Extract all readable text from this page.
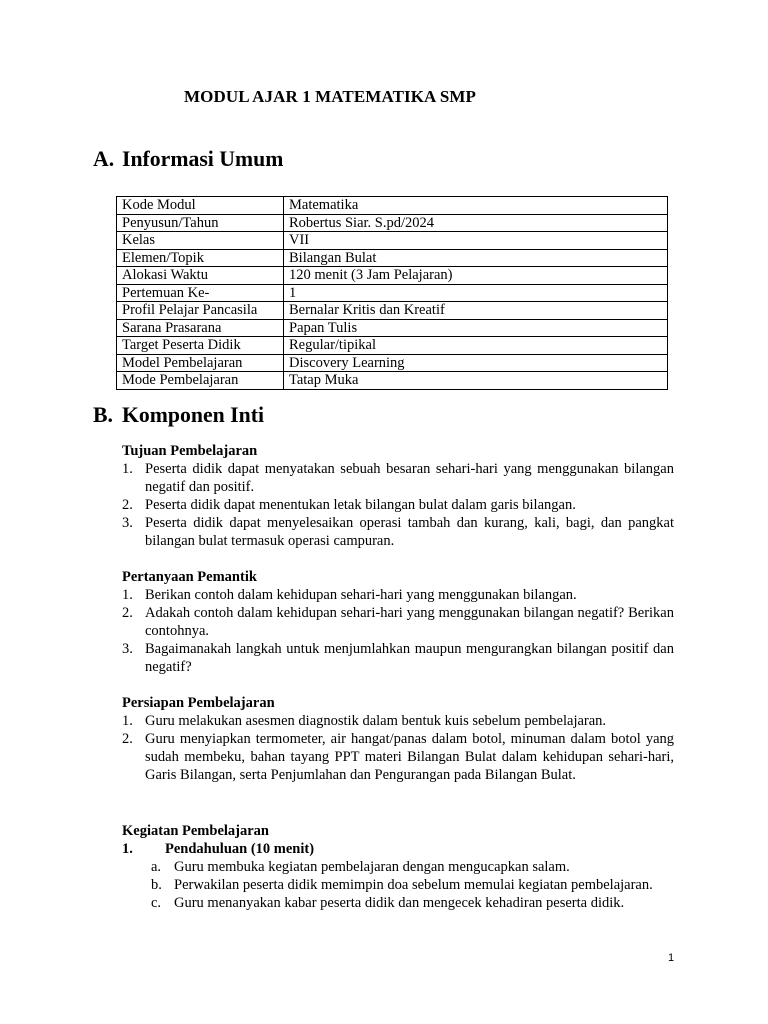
MODUL AJAR 1 MATEMATIKA SMP
A. Informasi Umum
Kode Modul	Matematika
Penyusun/Tahun	Robertus Siar. S.pd/2024
Kelas	VII
Elemen/Topik	Bilangan Bulat
Alokasi Waktu	120 menit (3 Jam Pelajaran)
Pertemuan Ke-	1
Profil Pelajar Pancasila	Bernalar Kritis dan Kreatif
Sarana Prasarana	Papan Tulis
Target Peserta Didik	Regular/tipikal
Model Pembelajaran	Discovery Learning
Mode Pembelajaran	Tatap Muka
B. Komponen Inti
Tujuan Pembelajaran
1. Peserta didik dapat menyatakan sebuah besaran sehari-hari yang menggunakan bilangan negatif dan positif.
2. Peserta didik dapat menentukan letak bilangan bulat dalam garis bilangan.
3. Peserta didik dapat menyelesaikan operasi tambah dan kurang, kali, bagi, dan pangkat bilangan bulat termasuk operasi campuran.
Pertanyaan Pemantik
1. Berikan contoh dalam kehidupan sehari-hari yang menggunakan bilangan.
2. Adakah contoh dalam kehidupan sehari-hari yang menggunakan bilangan negatif? Berikan contohnya.
3. Bagaimanakah langkah untuk menjumlahkan maupun mengurangkan bilangan positif dan negatif?
Persiapan Pembelajaran
1. Guru melakukan asesmen diagnostik dalam bentuk kuis sebelum pembelajaran.
2. Guru menyiapkan termometer, air hangat/panas dalam botol, minuman dalam botol yang sudah membeku, bahan tayang PPT materi Bilangan Bulat dalam kehidupan sehari-hari, Garis Bilangan, serta Penjumlahan dan Pengurangan pada Bilangan Bulat.
Kegiatan Pembelajaran
1. Pendahuluan (10 menit)
a. Guru membuka kegiatan pembelajaran dengan mengucapkan salam.
b. Perwakilan peserta didik memimpin doa sebelum memulai kegiatan pembelajaran.
c. Guru menanyakan kabar peserta didik dan mengecek kehadiran peserta didik.
1
